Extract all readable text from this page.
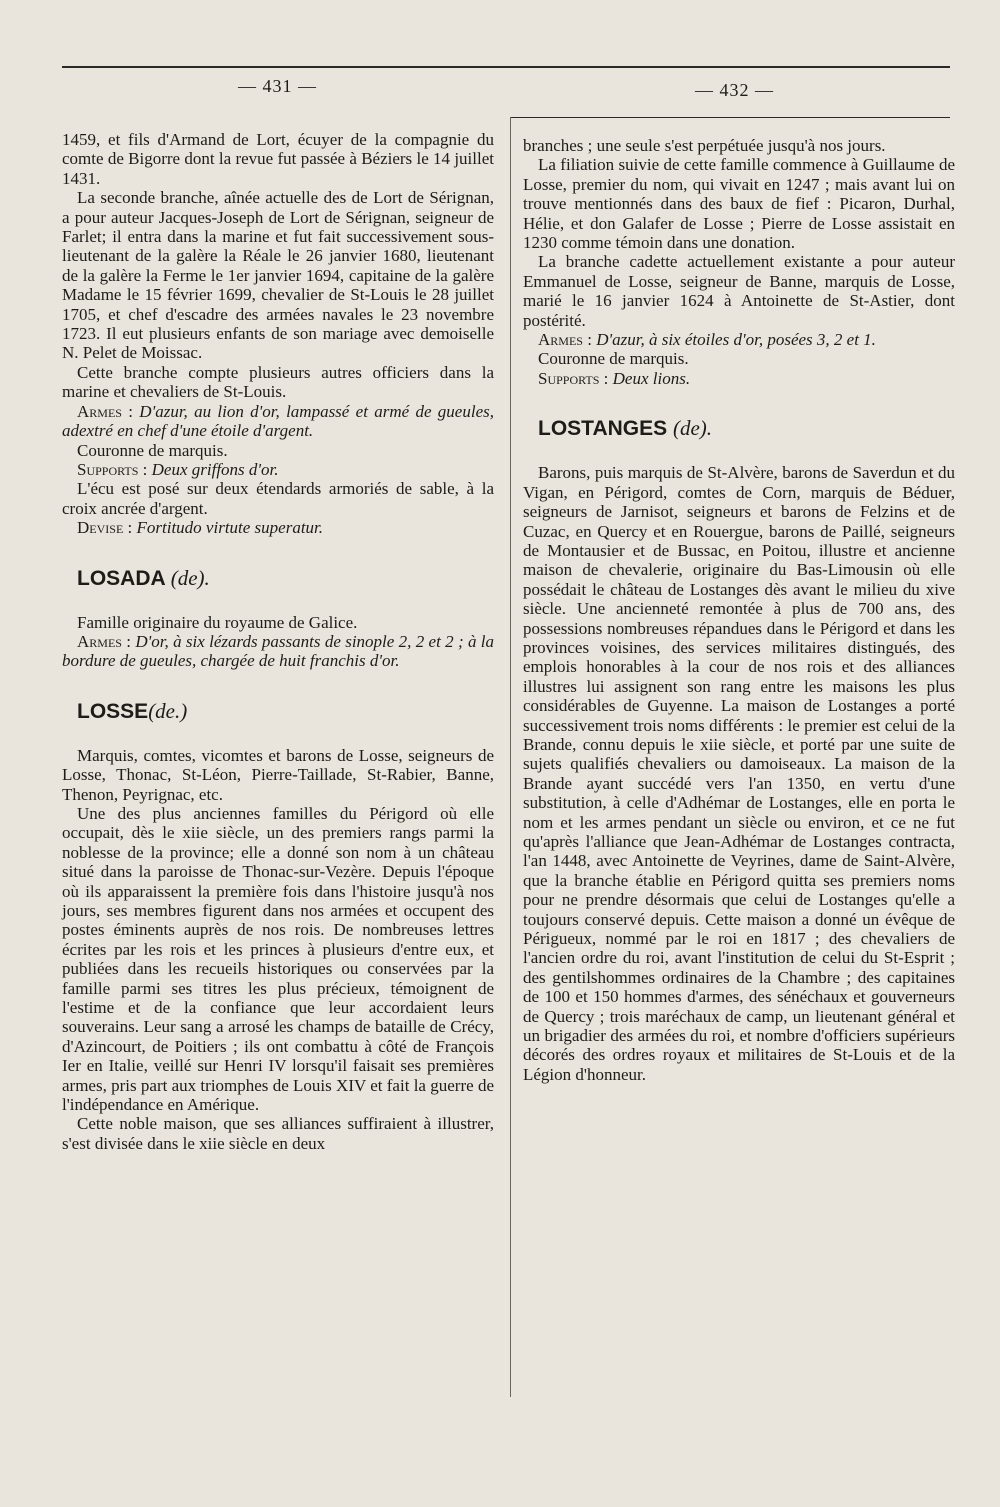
— 431 —	— 432 —

1459, et fils d'Armand de Lort, écuyer de la compagnie du comte de Bigorre dont la revue fut passée à Béziers le 14 juillet 1431.

La seconde branche, aînée actuelle des de Lort de Sérignan, a pour auteur Jacques-Joseph de Lort de Sérignan, seigneur de Farlet; il entra dans la marine et fut fait successivement sous-lieutenant de la galère la Réale le 26 janvier 1680, lieutenant de la galère la Ferme le 1er janvier 1694, capitaine de la galère Madame le 15 février 1699, chevalier de St-Louis le 28 juillet 1705, et chef d'escadre des armées navales le 23 novembre 1723. Il eut plusieurs enfants de son mariage avec demoiselle N. Pelet de Moissac.

Cette branche compte plusieurs autres officiers dans la marine et chevaliers de St-Louis.

Armes : D'azur, au lion d'or, lampassé et armé de gueules, adextré en chef d'une étoile d'argent.

Couronne de marquis.

Supports : Deux griffons d'or.

L'écu est posé sur deux étendards armoriés de sable, à la croix ancrée d'argent.

Devise : Fortitudo virtute superatur.

LOSADA (de).

Famille originaire du royaume de Galice.

Armes : D'or, à six lézards passants de sinople 2, 2 et 2 ; à la bordure de gueules, chargée de huit franchis d'or.

LOSSE(de.)

Marquis, comtes, vicomtes et barons de Losse, seigneurs de Losse, Thonac, St-Léon, Pierre-Taillade, St-Rabier, Banne, Thenon, Peyrignac, etc.

Une des plus anciennes familles du Périgord où elle occupait, dès le xiie siècle, un des premiers rangs parmi la noblesse de la province; elle a donné son nom à un château situé dans la paroisse de Thonac-sur-Vezère. Depuis l'époque où ils apparaissent la première fois dans l'histoire jusqu'à nos jours, ses membres figurent dans nos armées et occupent des postes éminents auprès de nos rois. De nombreuses lettres écrites par les rois et les princes à plusieurs d'entre eux, et publiées dans les recueils historiques ou conservées par la famille parmi ses titres les plus précieux, témoignent de l'estime et de la confiance que leur accordaient leurs souverains. Leur sang a arrosé les champs de bataille de Crécy, d'Azincourt, de Poitiers ; ils ont combattu à côté de François Ier en Italie, veillé sur Henri IV lorsqu'il faisait ses premières armes, pris part aux triomphes de Louis XIV et fait la guerre de l'indépendance en Amérique.

Cette noble maison, que ses alliances suffiraient à illustrer, s'est divisée dans le xiie siècle en deux

branches ; une seule s'est perpétuée jusqu'à nos jours.

La filiation suivie de cette famille commence à Guillaume de Losse, premier du nom, qui vivait en 1247 ; mais avant lui on trouve mentionnés dans des baux de fief : Picaron, Durhal, Hélie, et don Galafer de Losse ; Pierre de Losse assistait en 1230 comme témoin dans une donation.

La branche cadette actuellement existante a pour auteur Emmanuel de Losse, seigneur de Banne, marquis de Losse, marié le 16 janvier 1624 à Antoinette de St-Astier, dont postérité.

Armes : D'azur, à six étoiles d'or, posées 3, 2 et 1.

Couronne de marquis.

Supports : Deux lions.

LOSTANGES (de).

Barons, puis marquis de St-Alvère, barons de Saverdun et du Vigan, en Périgord, comtes de Corn, marquis de Béduer, seigneurs de Jarnisot, seigneurs et barons de Felzins et de Cuzac, en Quercy et en Rouergue, barons de Paillé, seigneurs de Montausier et de Bussac, en Poitou, illustre et ancienne maison de chevalerie, originaire du Bas-Limousin où elle possédait le château de Lostanges dès avant le milieu du xive siècle. Une ancienneté remontée à plus de 700 ans, des possessions nombreuses répandues dans le Périgord et dans les provinces voisines, des services militaires distingués, des emplois honorables à la cour de nos rois et des alliances illustres lui assignent son rang entre les maisons les plus considérables de Guyenne. La maison de Lostanges a porté successivement trois noms différents : le premier est celui de la Brande, connu depuis le xiie siècle, et porté par une suite de sujets qualifiés chevaliers ou damoiseaux. La maison de la Brande ayant succédé vers l'an 1350, en vertu d'une substitution, à celle d'Adhémar de Lostanges, elle en porta le nom et les armes pendant un siècle ou environ, et ce ne fut qu'après l'alliance que Jean-Adhémar de Lostanges contracta, l'an 1448, avec Antoinette de Veyrines, dame de Saint-Alvère, que la branche établie en Périgord quitta ses premiers noms pour ne prendre désormais que celui de Lostanges qu'elle a toujours conservé depuis. Cette maison a donné un évêque de Périgueux, nommé par le roi en 1817 ; des chevaliers de l'ancien ordre du roi, avant l'institution de celui du St-Esprit ; des gentilshommes ordinaires de la Chambre ; des capitaines de 100 et 150 hommes d'armes, des sénéchaux et gouverneurs de Quercy ; trois maréchaux de camp, un lieutenant général et un brigadier des armées du roi, et nombre d'officiers supérieurs décorés des ordres royaux et militaires de St-Louis et de la Légion d'honneur.
